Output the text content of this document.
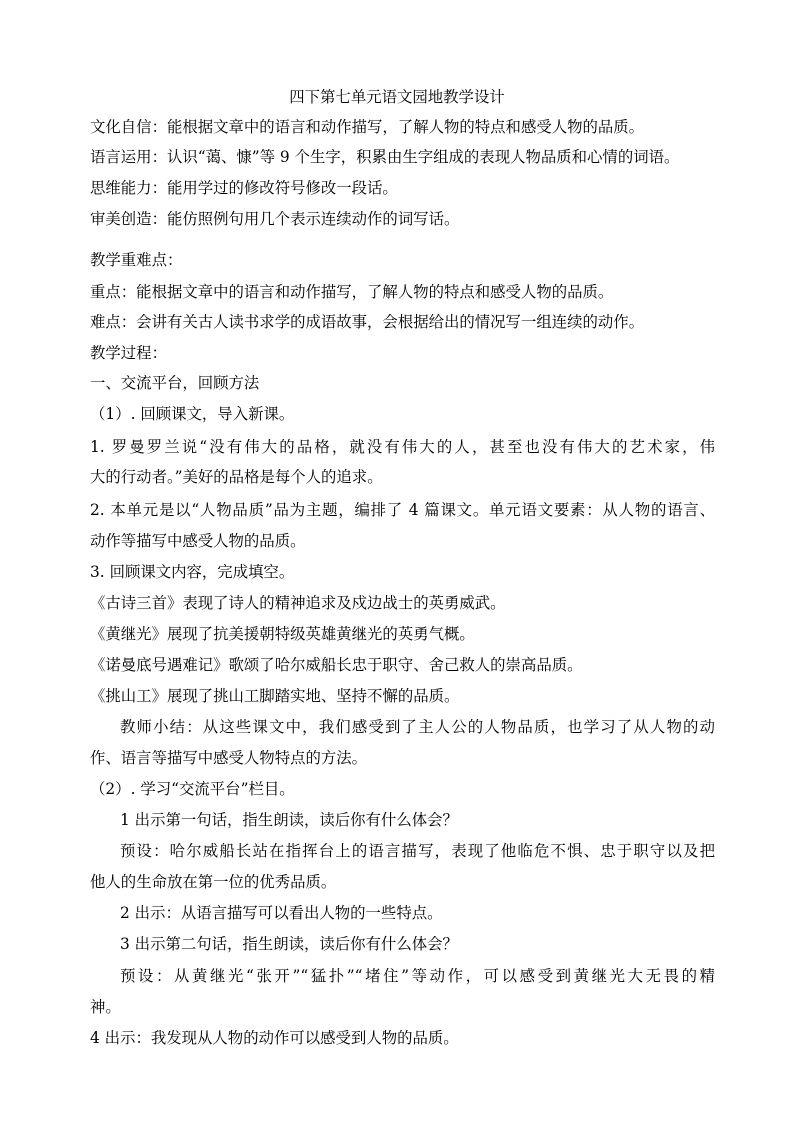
四下第七单元语文园地教学设计
文化自信：能根据文章中的语言和动作描写，了解人物的特点和感受人物的品质。
语言运用：认识“蔼、慷”等 9 个生字，积累由生字组成的表现人物品质和心情的词语。
思维能力：能用学过的修改符号修改一段话。
审美创造：能仿照例句用几个表示连续动作的词写话。
教学重难点：
重点：能根据文章中的语言和动作描写，了解人物的特点和感受人物的品质。
难点：会讲有关古人读书求学的成语故事，会根据给出的情况写一组连续的动作。
教学过程：
一、交流平台，回顾方法
（1）. 回顾课文，导入新课。
1. 罗曼罗兰说“没有伟大的品格，就没有伟大的人，甚至也没有伟大的艺术家，伟
大的行动者。”美好的品格是每个人的追求。
2. 本单元是以“人物品质”品为主题，编排了 4 篇课文。单元语文要素：从人物的语言、
动作等描写中感受人物的品质。
3. 回顾课文内容，完成填空。
《古诗三首》表现了诗人的精神追求及戍边战士的英勇威武。
《黄继光》展现了抗美援朝特级英雄黄继光的英勇气概。
《诺曼底号遇难记》歌颂了哈尔威船长忠于职守、舍己救人的崇高品质。
《挑山工》展现了挑山工脚踏实地、坚持不懈的品质。
教师小结：从这些课文中，我们感受到了主人公的人物品质，也学习了从人物的动
作、语言等描写中感受人物特点的方法。
（2）. 学习“交流平台”栏目。
1 出示第一句话，指生朗读，读后你有什么体会？
预设：哈尔威船长站在指挥台上的语言描写，表现了他临危不惧、忠于职守以及把
他人的生命放在第一位的优秀品质。
2 出示：从语言描写可以看出人物的一些特点。
3 出示第二句话，指生朗读，读后你有什么体会？
预设：从黄继光“张开”“猛扑”“堵住”等动作，可以感受到黄继光大无畏的精
神。
4 出示：我发现从人物的动作可以感受到人物的品质。
